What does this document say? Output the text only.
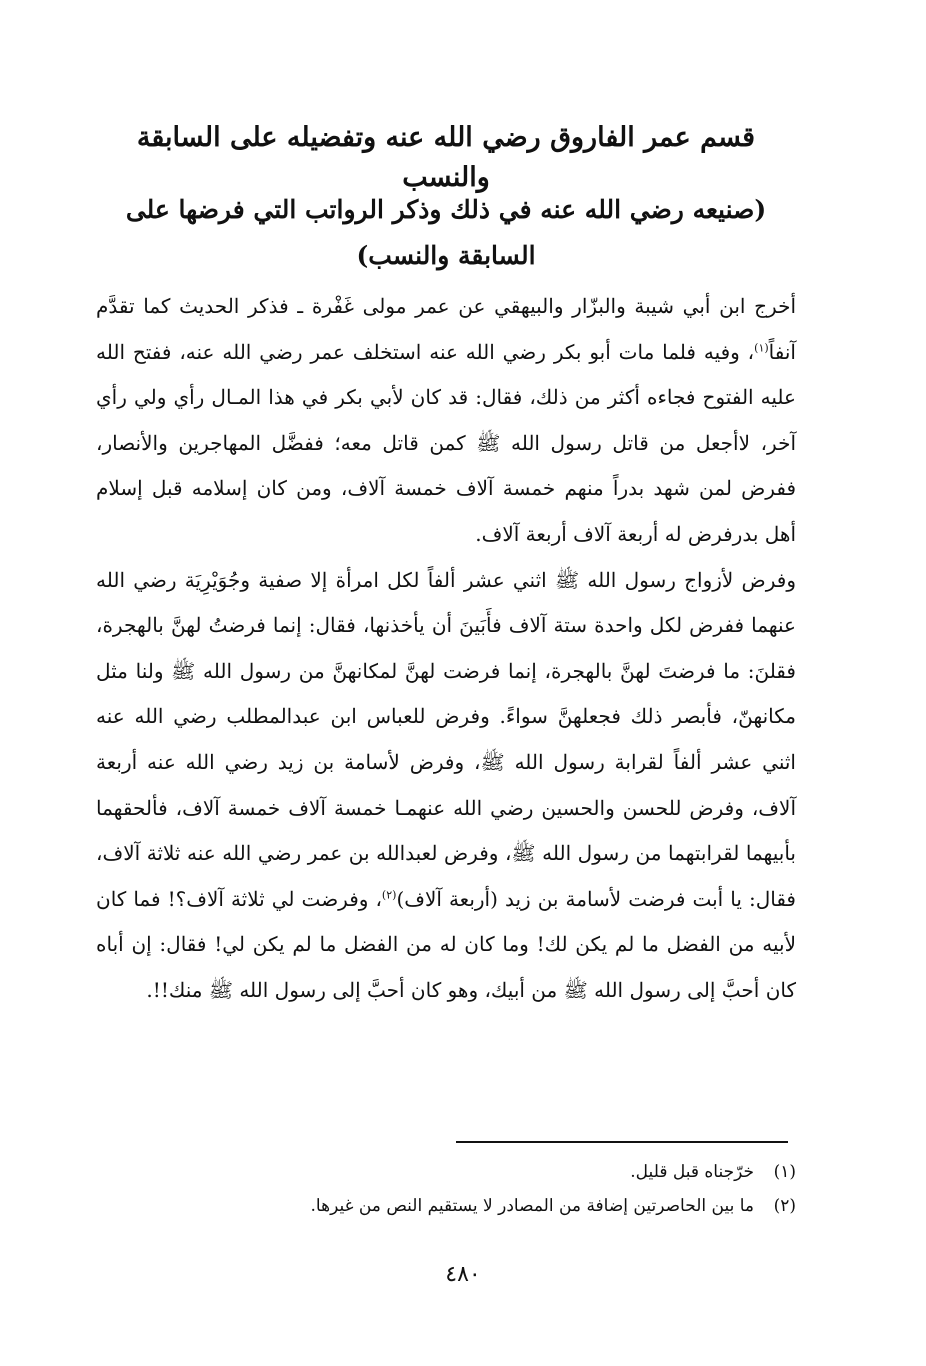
قسم عمر الفاروق رضي الله عنه وتفضيله على السابقة والنسب
(صنيعه رضي الله عنه في ذلك وذكر الرواتب التي فرضها على السابقة والنسب)

أخرج ابن أبي شيبة والبزّار والبيهقي عن عمر مولى غَفْرة ـ فذكر الحديث كما تقدَّم آنفاً$^{(١)}$، وفيه فلما مات أبو بكر رضي الله عنه استخلف عمر رضي الله عنه، ففتح الله عليه الفتوح فجاءه أكثر من ذلك، فقال: قد كان لأبي بكر في هذا المـال رأي ولي رأي آخر، لاأجعل من قاتل رسول الله ﷺ كمن قاتل معه؛ ففضَّل المهاجرين والأنصار، ففرض لمن شهد بدراً منهم خمسة آلاف خمسة آلاف، ومن كان إسلامه قبل إسلام أهل بدرفرض له أربعة آلاف أربعة آلاف.

وفرض لأزواج رسول الله ﷺ اثني عشر ألفاً لكل امرأة إلا صفية وجُوَيْرِيَة رضي الله عنهما ففرض لكل واحدة ستة آلاف فأَبَينَ أن يأخذنها، فقال: إنما فرضتُ لهنَّ بالهجرة، فقلنَ: ما فرضتَ لهنَّ بالهجرة، إنما فرضت لهنَّ لمكانهنَّ من رسول الله ﷺ ولنا مثل مكانهنّ، فأبصر ذلك فجعلهنَّ سواءً. وفرض للعباس ابن عبدالمطلب رضي الله عنه اثني عشر ألفاً لقرابة رسول الله ﷺ، وفرض لأسامة بن زيد رضي الله عنه أربعة آلاف، وفرض للحسن والحسين رضي الله عنهمـا خمسة آلاف خمسة آلاف، فألحقهما بأبيهما لقرابتهما من رسول الله ﷺ، وفرض لعبدالله بن عمر رضي الله عنه ثلاثة آلاف، فقال: يا أبت فرضت لأسامة بن زيد (أربعة آلاف)$^{(٢)}$، وفرضت لي ثلاثة آلاف؟! فما كان لأبيه من الفضل ما لم يكن لك! وما كان له من الفضل ما لم يكن لي! فقال: إن أباه كان أحبَّ إلى رسول الله ﷺ من أبيك، وهو كان أحبَّ إلى رسول الله ﷺ منك!!.

(١)
خرّجناه قبل قليل.
(٢)
ما بين الحاصرتين إضافة من المصادر لا يستقيم النص من غيرها.
٤٨٠
